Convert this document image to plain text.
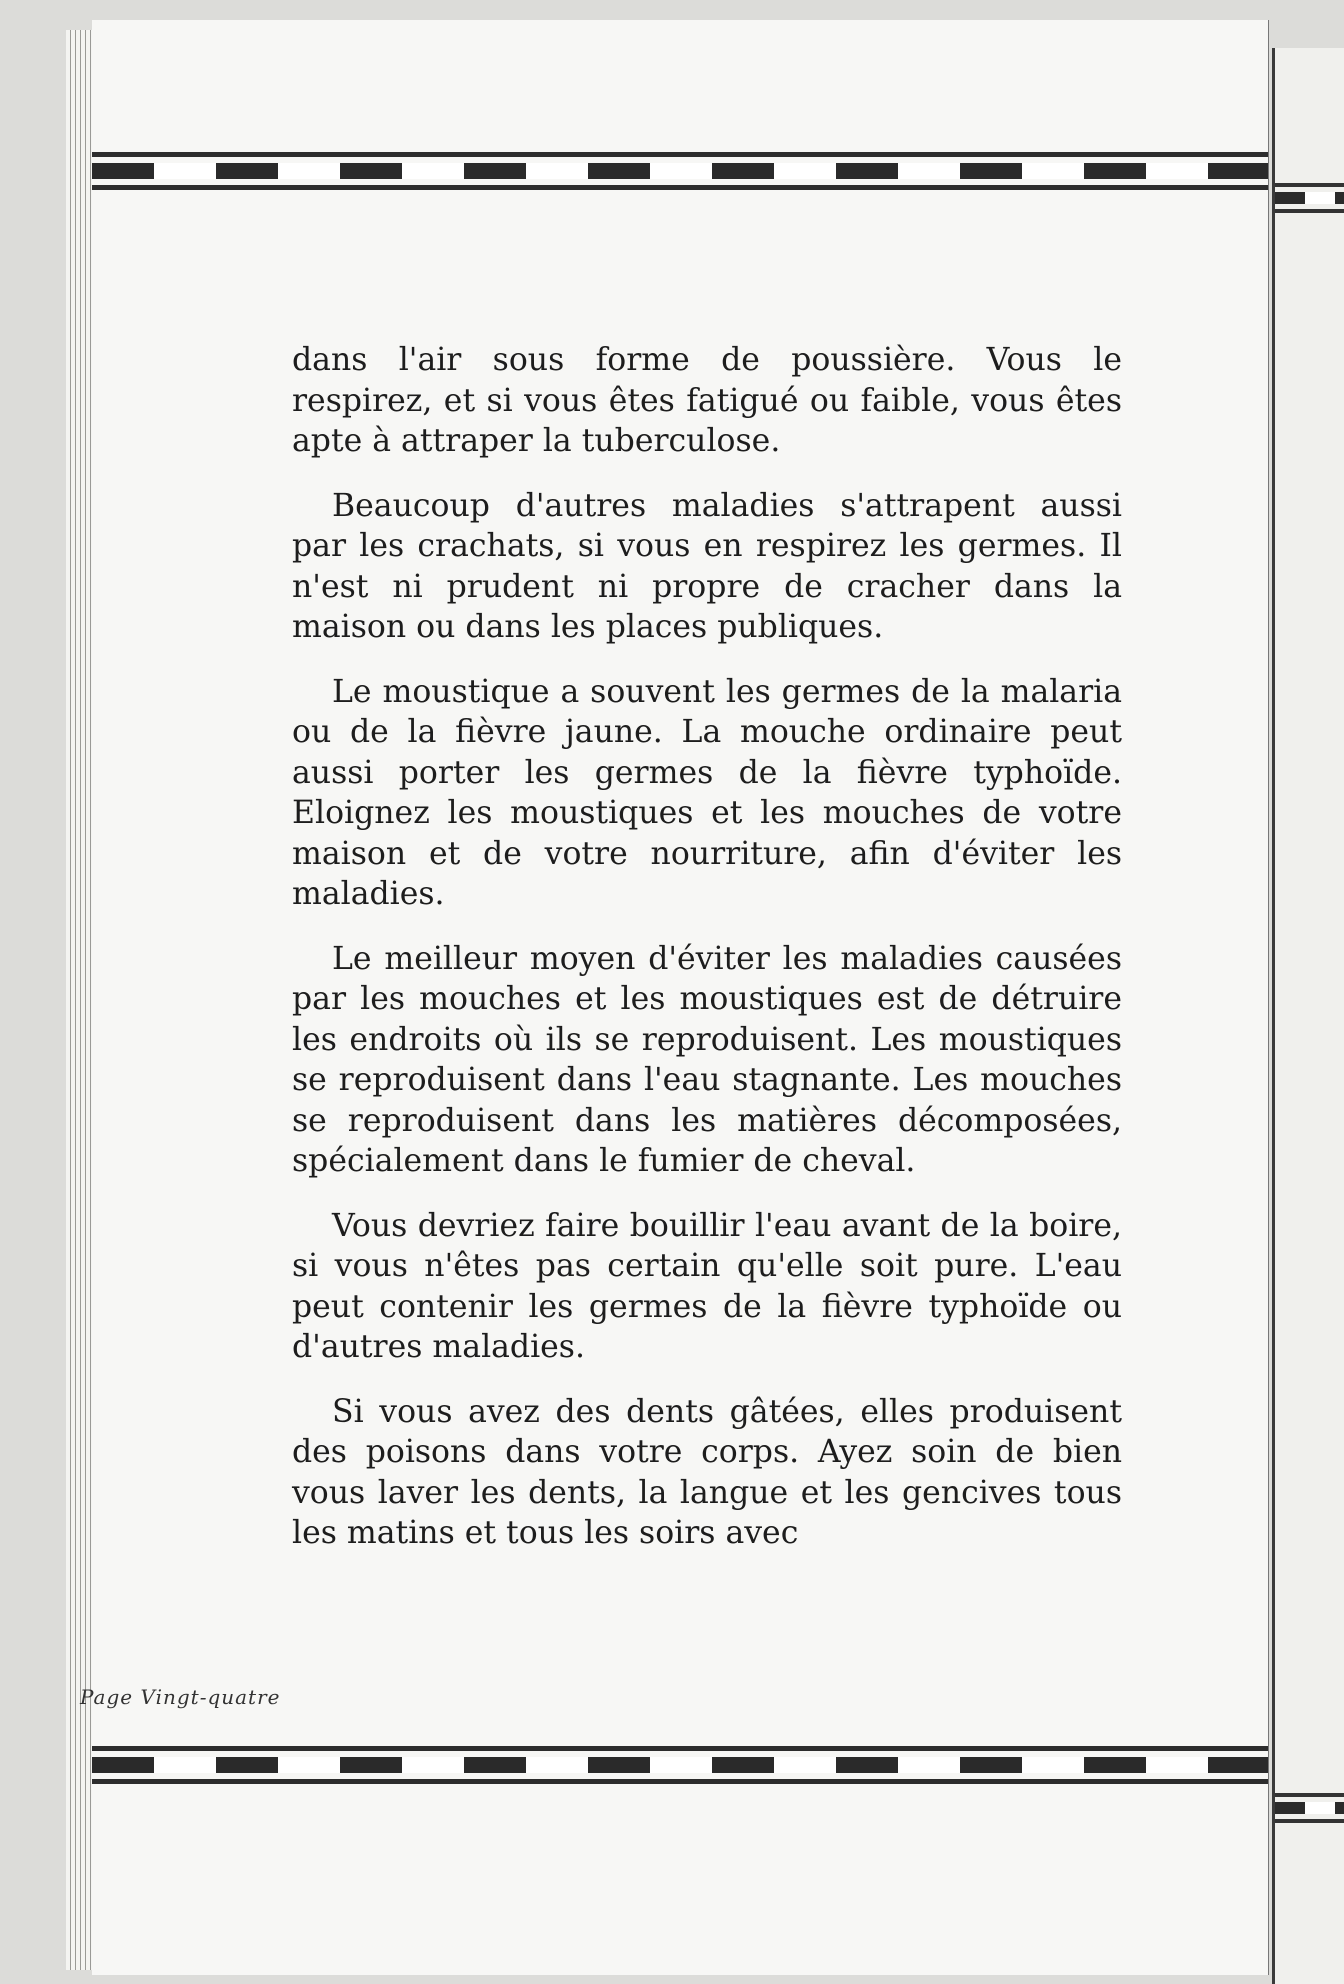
dans l'air sous forme de poussière. Vous le respirez, et si vous êtes fatigué ou faible, vous êtes apte à attraper la tuberculose.

Beaucoup d'autres maladies s'attrapent aussi par les crachats, si vous en respirez les germes. Il n'est ni prudent ni propre de cracher dans la maison ou dans les places publiques.

Le moustique a souvent les germes de la malaria ou de la fièvre jaune. La mouche ordinaire peut aussi porter les germes de la fièvre typhoïde. Eloignez les moustiques et les mouches de votre maison et de votre nourriture, afin d'éviter les maladies.

Le meilleur moyen d'éviter les maladies causées par les mouches et les moustiques est de détruire les endroits où ils se reproduisent. Les moustiques se reproduisent dans l'eau stagnante. Les mouches se reproduisent dans les matières décomposées, spécialement dans le fumier de cheval.

Vous devriez faire bouillir l'eau avant de la boire, si vous n'êtes pas certain qu'elle soit pure. L'eau peut contenir les germes de la fièvre typhoïde ou d'autres maladies.

Si vous avez des dents gâtées, elles produisent des poisons dans votre corps. Ayez soin de bien vous laver les dents, la langue et les gencives tous les matins et tous les soirs avec

Page Vingt-quatre
